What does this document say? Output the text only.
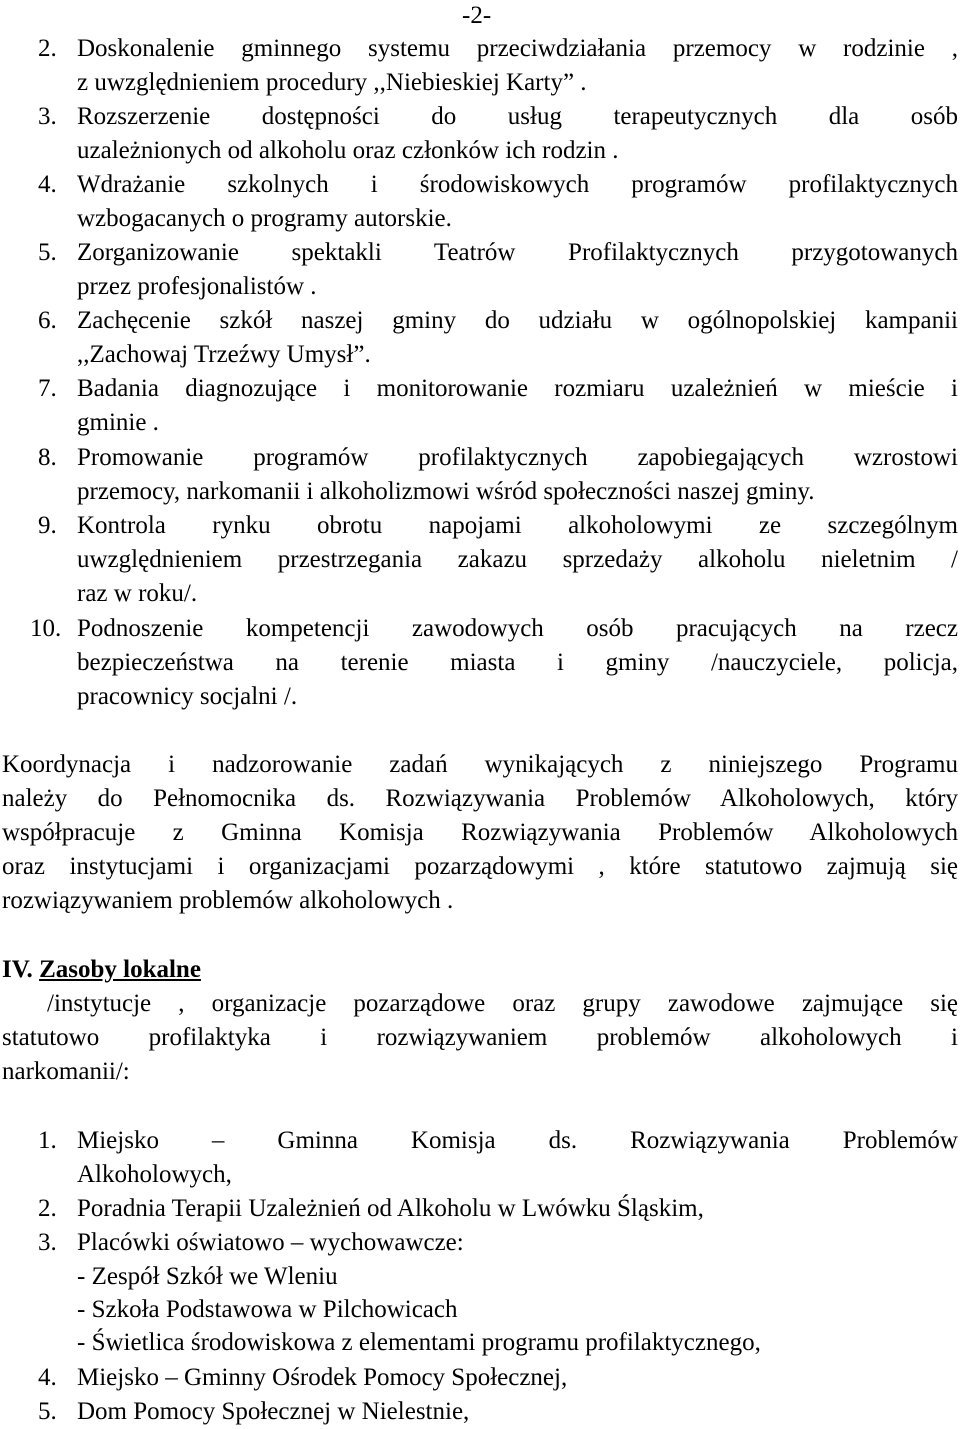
-2-
2. Doskonalenie gminnego systemu przeciwdziałania przemocy w rodzinie ,
z uwzględnieniem procedury ,,Niebieskiej Karty” .
3. Rozszerzenie dostępności do usług terapeutycznych dla osób
uzależnionych od alkoholu oraz członków ich rodzin .
4. Wdrażanie szkolnych i środowiskowych programów profilaktycznych
wzbogacanych o programy autorskie.
5. Zorganizowanie spektakli Teatrów Profilaktycznych przygotowanych
przez profesjonalistów .
6. Zachęcenie szkół naszej gminy do udziału w ogólnopolskiej kampanii
,,Zachowaj Trzeźwy Umysł”.
7. Badania diagnozujące i monitorowanie rozmiaru uzależnień w mieście i
gminie .
8. Promowanie programów profilaktycznych zapobiegających wzrostowi
przemocy, narkomanii i alkoholizmowi wśród społeczności naszej gminy.
9. Kontrola rynku obrotu napojami alkoholowymi ze szczególnym
uwzględnieniem przestrzegania zakazu sprzedaży alkoholu nieletnim /
raz w roku/.
10. Podnoszenie kompetencji zawodowych osób pracujących na rzecz
bezpieczeństwa na terenie miasta i gminy /nauczyciele, policja,
pracownicy socjalni /.
Koordynacja i nadzorowanie zadań wynikających z niniejszego Programu
należy do Pełnomocnika ds. Rozwiązywania Problemów Alkoholowych, który
współpracuje z Gminna Komisja Rozwiązywania Problemów Alkoholowych
oraz instytucjami i organizacjami pozarządowymi , które statutowo zajmują się
rozwiązywaniem problemów alkoholowych .
IV. Zasoby lokalne
/instytucje , organizacje pozarządowe oraz grupy zawodowe zajmujące się
statutowo profilaktyka i rozwiązywaniem problemów alkoholowych i
narkomanii/:
1. Miejsko – Gminna Komisja ds. Rozwiązywania Problemów
Alkoholowych,
2. Poradnia Terapii Uzależnień od Alkoholu w Lwówku Śląskim,
3. Placówki oświatowo – wychowawcze:
- Zespół Szkół we Wleniu
- Szkoła Podstawowa w Pilchowicach
- Świetlica środowiskowa z elementami programu profilaktycznego,
4. Miejsko – Gminny Ośrodek Pomocy Społecznej,
5. Dom Pomocy Społecznej w Nielestnie,
